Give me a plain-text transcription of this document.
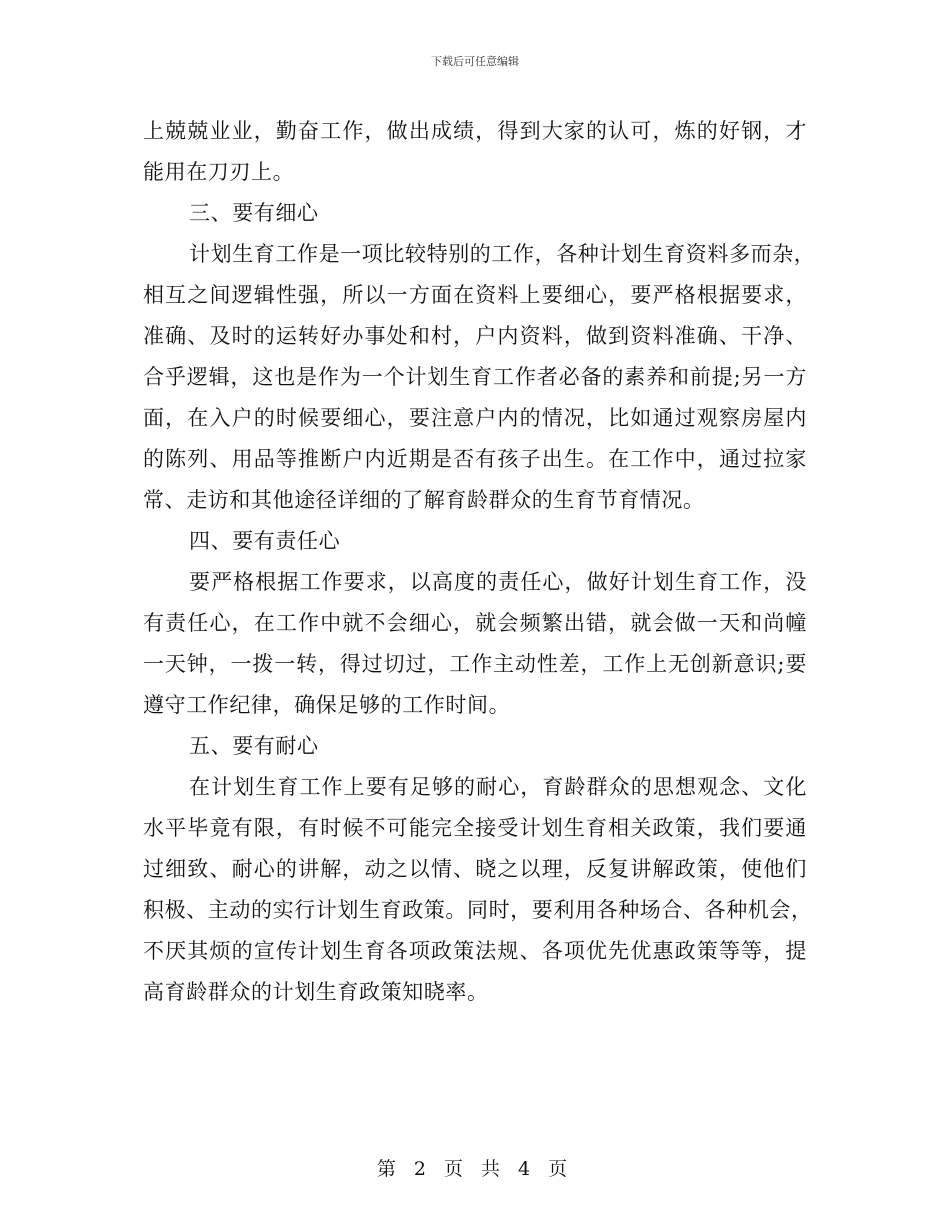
下载后可任意编辑
上兢兢业业，勤奋工作，做出成绩，得到大家的认可，炼的好钢，才
能用在刀刃上。
三、要有细心
计划生育工作是一项比较特别的工作，各种计划生育资料多而杂，
相互之间逻辑性强，所以一方面在资料上要细心，要严格根据要求，
准确、及时的运转好办事处和村，户内资料，做到资料准确、干净、
合乎逻辑，这也是作为一个计划生育工作者必备的素养和前提;另一方
面，在入户的时候要细心，要注意户内的情况，比如通过观察房屋内
的陈列、用品等推断户内近期是否有孩子出生。在工作中，通过拉家
常、走访和其他途径详细的了解育龄群众的生育节育情况。
四、要有责任心
要严格根据工作要求，以高度的责任心，做好计划生育工作，没
有责任心，在工作中就不会细心，就会频繁出错，就会做一天和尚幢
一天钟，一拨一转，得过切过，工作主动性差，工作上无创新意识;要
遵守工作纪律，确保足够的工作时间。
五、要有耐心
在计划生育工作上要有足够的耐心，育龄群众的思想观念、文化
水平毕竟有限，有时候不可能完全接受计划生育相关政策，我们要通
过细致、耐心的讲解，动之以情、晓之以理，反复讲解政策，使他们
积极、主动的实行计划生育政策。同时，要利用各种场合、各种机会，
不厌其烦的宣传计划生育各项政策法规、各项优先优惠政策等等，提
高育龄群众的计划生育政策知晓率。
第 2 页 共 4 页
